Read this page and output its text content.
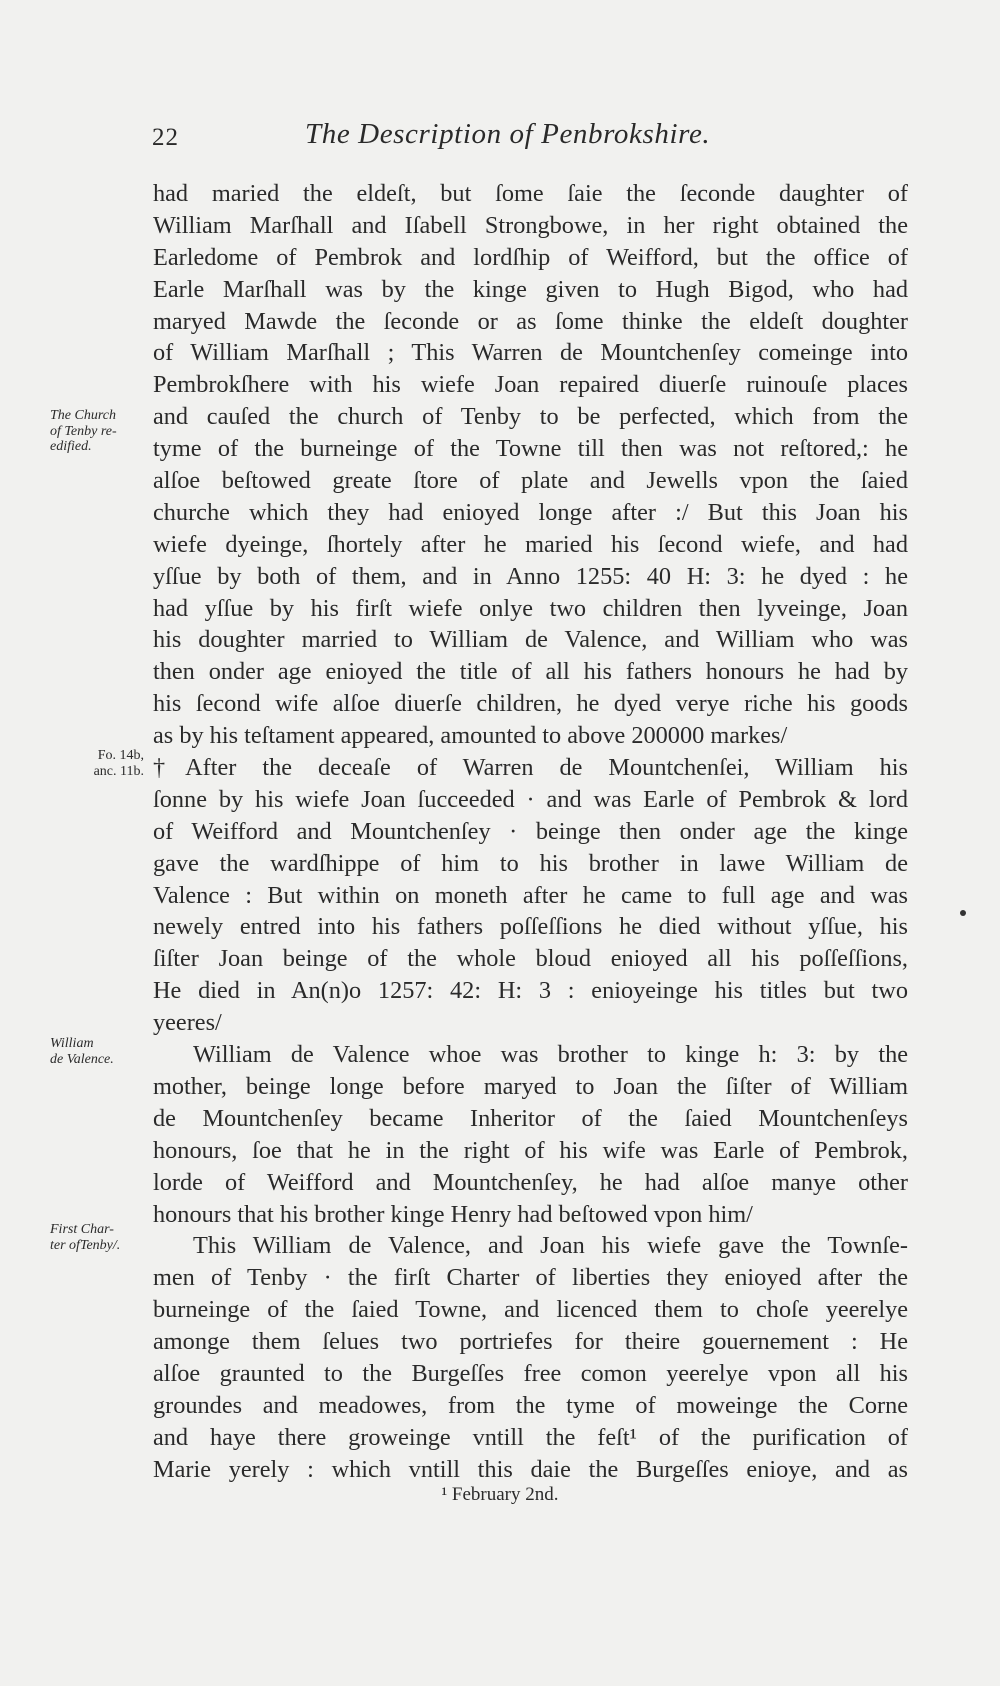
22	The Description of Penbrokshire.
The Church
of Tenby re-
edified.
Fo. 14b,
anc. 11b.
William
de Valence.
First Char-
ter ofTenby/.
had maried the eldeſt, but ſome ſaie the ſeconde daughter of
William Marſhall and Iſabell Strongbowe, in her right obtained the
Earledome of Pembrok and lordſhip of Weifford, but the office of
Earle Marſhall was by the kinge given to Hugh Bigod, who had
maryed Mawde the ſeconde or as ſome thinke the eldeſt doughter
of William Marſhall ; This Warren de Mountchenſey comeinge into
Pembrokſhere with his wiefe Joan repaired diuerſe ruinouſe places
and cauſed the church of Tenby to be perfected, which from the
tyme of the burneinge of the Towne till then was not reſtored,: he
alſoe beſtowed greate ſtore of plate and Jewells vpon the ſaied
churche which they had enioyed longe after :/ But this Joan his
wiefe dyeinge, ſhortely after he maried his ſecond wiefe, and had
yſſue by both of them, and in Anno 1255: 40 H: 3: he dyed : he
had yſſue by his firſt wiefe onlye two children then lyveinge, Joan
his doughter married to William de Valence, and William who was
then onder age enioyed the title of all his fathers honours he had by
his ſecond wife alſoe diuerſe children, he dyed verye riche his goods
as by his teſtament appeared, amounted to above 200000 markes/
†After the deceaſe of Warren de Mountchenſei, William his
ſonne by his wiefe Joan ſucceeded · and was Earle of Pembrok & lord
of Weifford and Mountchenſey · beinge then onder age the kinge
gave the wardſhippe of him to his brother in lawe William de
Valence : But within on moneth after he came to full age and was
newely entred into his fathers poſſeſſions he died without yſſue, his
ſiſter Joan beinge of the whole bloud enioyed all his poſſeſſions,
He died in An(n)o 1257: 42: H: 3 : enioyeinge his titles but two
yeeres/
William de Valence whoe was brother to kinge h: 3: by the
mother, beinge longe before maryed to Joan the ſiſter of William
de Mountchenſey became Inheritor of the ſaied Mountchenſeys
honours, ſoe that he in the right of his wife was Earle of Pembrok,
lorde of Weifford and Mountchenſey, he had alſoe manye other
honours that his brother kinge Henry had beſtowed vpon him/
This William de Valence, and Joan his wiefe gave the Townſe-
men of Tenby · the firſt Charter of liberties they enioyed after the
burneinge of the ſaied Towne, and licenced them to choſe yeerelye
amonge them ſelues two portriefes for theire gouernement : He
alſoe graunted to the Burgeſſes free comon yeerelye vpon all his
groundes and meadowes, from the tyme of moweinge the Corne
and haye there groweinge vntill the feſt¹ of the purification of
Marie yerely : which vntill this daie the Burgeſſes enioye, and as
¹ February 2nd.
